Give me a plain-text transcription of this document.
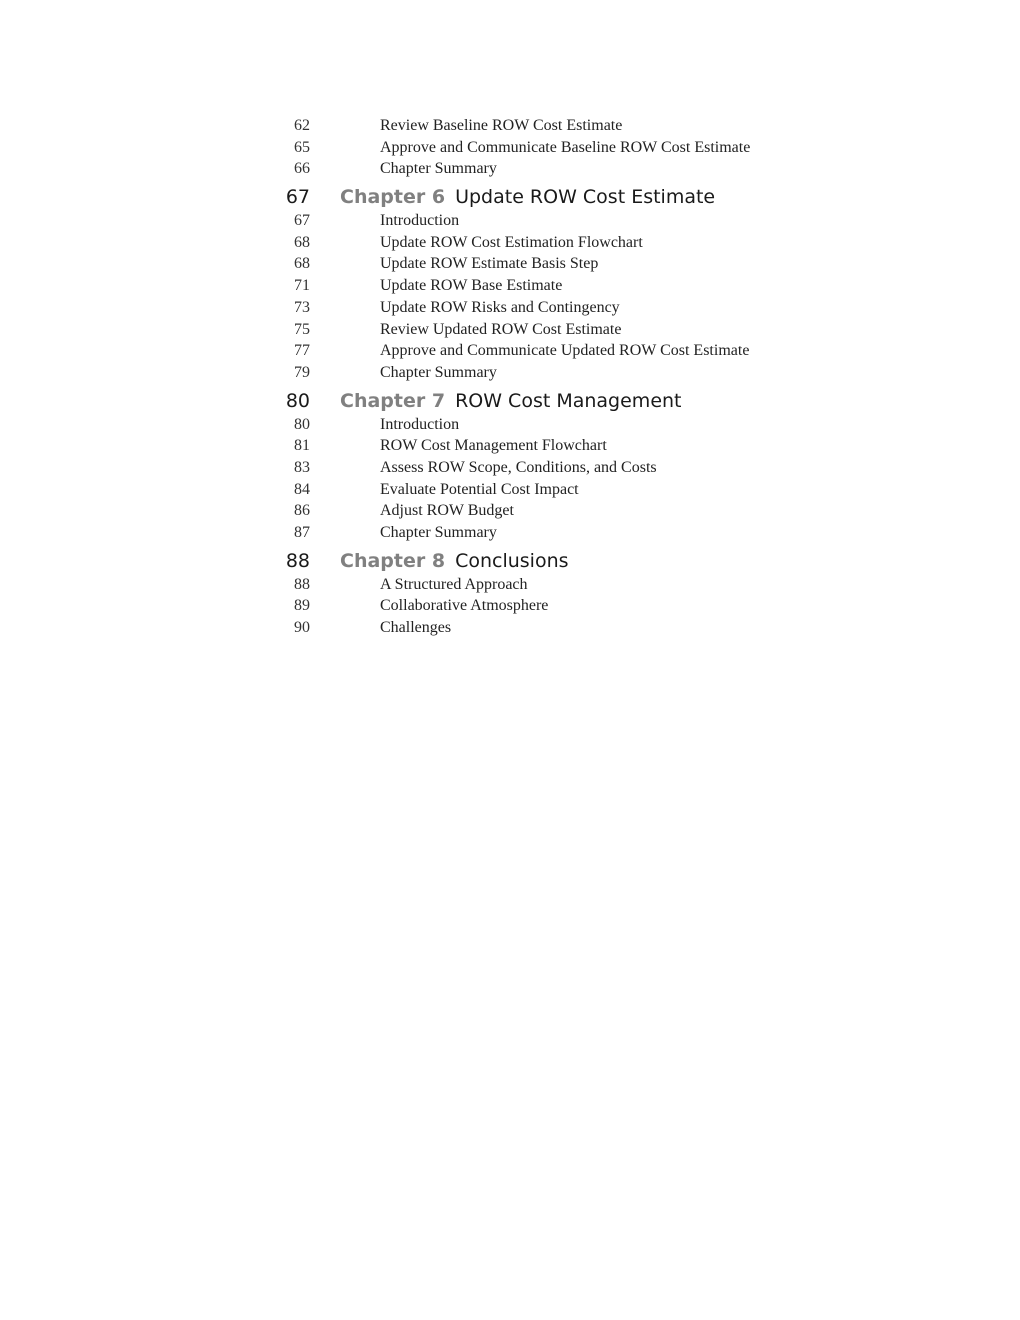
62	Review Baseline ROW Cost Estimate
65	Approve and Communicate Baseline ROW Cost Estimate
66	Chapter Summary
67 Chapter 6 Update ROW Cost Estimate
67	Introduction
68	Update ROW Cost Estimation Flowchart
68	Update ROW Estimate Basis Step
71	Update ROW Base Estimate
73	Update ROW Risks and Contingency
75	Review Updated ROW Cost Estimate
77	Approve and Communicate Updated ROW Cost Estimate
79	Chapter Summary
80 Chapter 7 ROW Cost Management
80	Introduction
81	ROW Cost Management Flowchart
83	Assess ROW Scope, Conditions, and Costs
84	Evaluate Potential Cost Impact
86	Adjust ROW Budget
87	Chapter Summary
88 Chapter 8 Conclusions
88	A Structured Approach
89	Collaborative Atmosphere
90	Challenges
